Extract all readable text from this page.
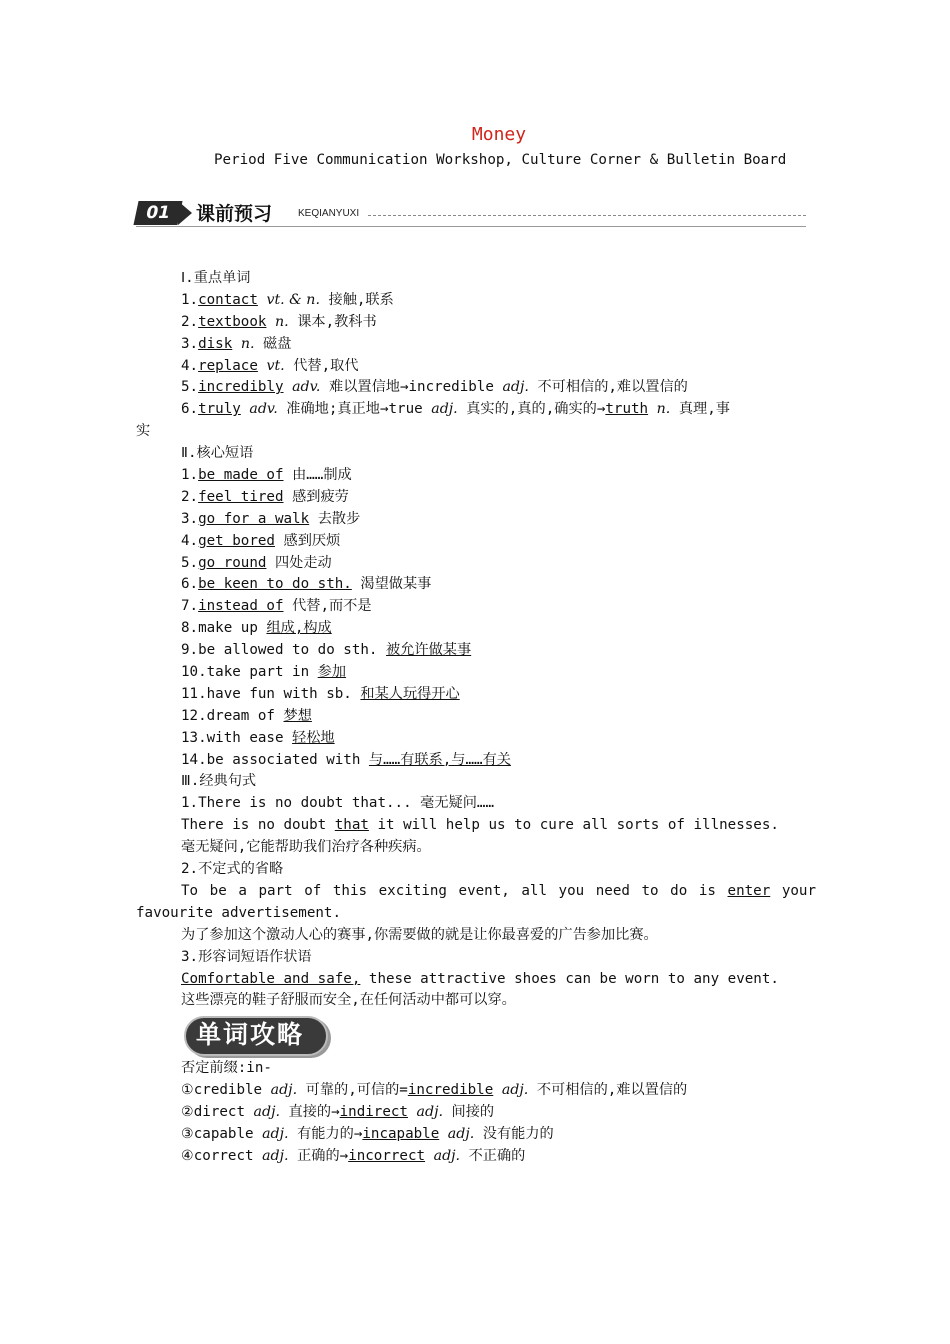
Money
Period Five Communication Workshop, Culture Corner & Bulletin Board
01	课前预习	KEQIANYUXI
Ⅰ.重点单词
1.contact vt. & n. 接触,联系
2.textbook n. 课本,教科书
3.disk n. 磁盘
4.replace vt. 代替,取代
5.incredibly adv. 难以置信地→incredible adj. 不可相信的,难以置信的
6.truly adv. 准确地;真正地→true adj. 真实的,真的,确实的→truth n. 真理,事
实
Ⅱ.核心短语
1.be made of 由……制成
2.feel tired 感到疲劳
3.go for a walk 去散步
4.get bored 感到厌烦
5.go round 四处走动
6.be keen to do sth. 渴望做某事
7.instead of 代替,而不是
8.make up 组成,构成
9.be allowed to do sth. 被允许做某事
10.take part in 参加
11.have fun with sb. 和某人玩得开心
12.dream of 梦想
13.with ease 轻松地
14.be associated with 与……有联系,与……有关
Ⅲ.经典句式
1.There is no doubt that... 毫无疑问……
There is no doubt that it will help us to cure all sorts of illnesses.
毫无疑问,它能帮助我们治疗各种疾病。
2.不定式的省略
To be a part of this exciting event, all you need to do is enter your
favourite advertisement.
为了参加这个激动人心的赛事,你需要做的就是让你最喜爱的广告参加比赛。
3.形容词短语作状语
Comfortable and safe, these attractive shoes can be worn to any event.
这些漂亮的鞋子舒服而安全,在任何活动中都可以穿。
单词攻略
否定前缀:in-
①credible adj. 可靠的,可信的=incredible adj. 不可相信的,难以置信的
②direct adj. 直接的→indirect adj. 间接的
③capable adj. 有能力的→incapable adj. 没有能力的
④correct adj. 正确的→incorrect adj. 不正确的
